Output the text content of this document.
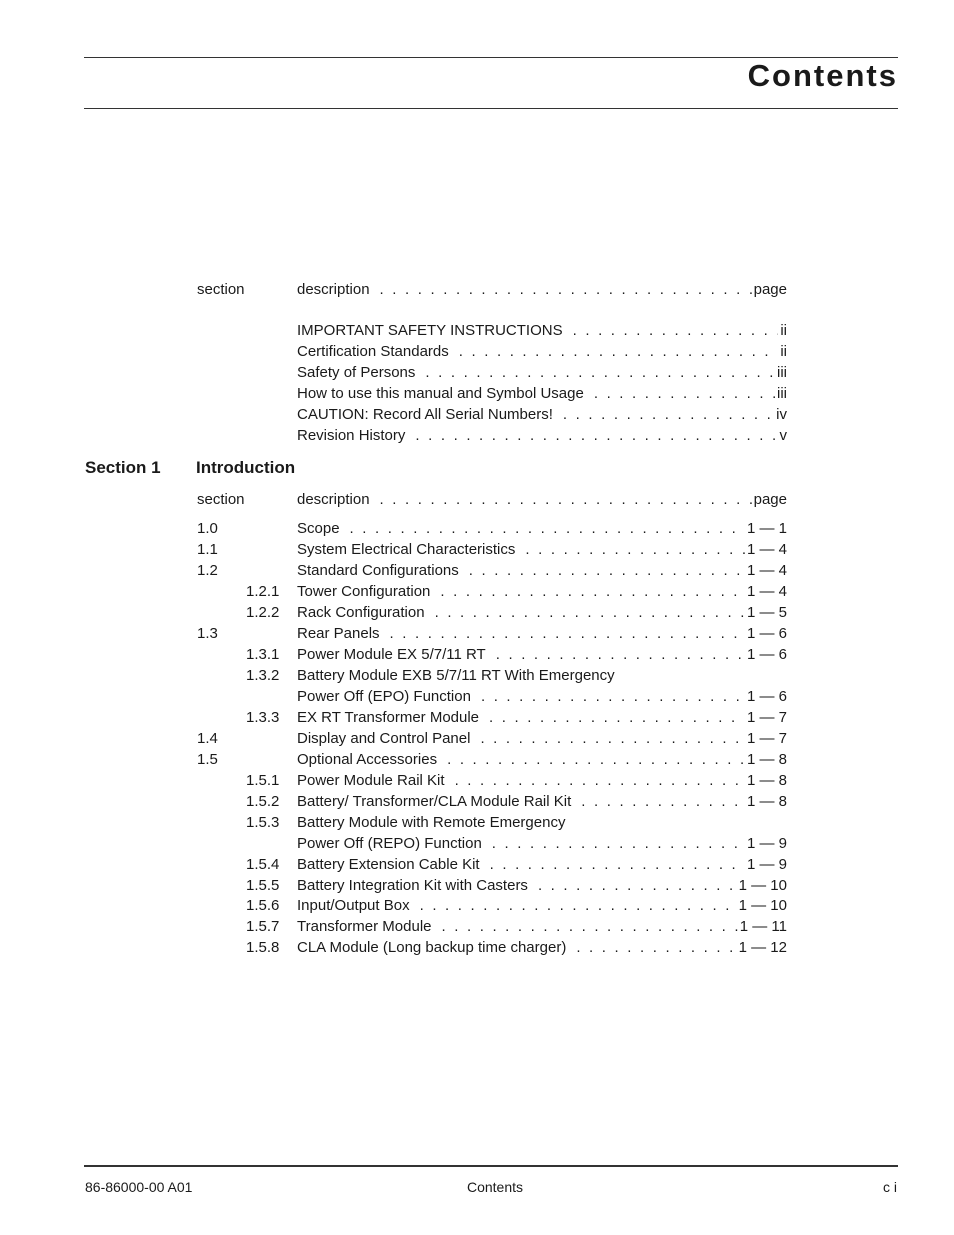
Contents
section	description . . .	page
IMPORTANT SAFETY INSTRUCTIONS . . .	ii
Certification Standards . . .	ii
Safety of Persons . . .	iii
How to use this manual and Symbol Usage . . .	iii
CAUTION: Record All Serial Numbers! . . .	iv
Revision History . . .	v
Section 1 Introduction
section	description . . .	page
1.0	Scope . . .	1 — 1
1.1	System Electrical Characteristics . . .	1 — 4
1.2	Standard Configurations . . .	1 — 4
1.2.1 Tower Configuration . . .	1 — 4
1.2.2 Rack Configuration . . .	1 — 5
1.3	Rear Panels . . .	1 — 6
1.3.1 Power Module EX 5/7/11 RT . . .	1 — 6
1.3.2 Battery Module EXB 5/7/11 RT With Emergency
Power Off (EPO) Function . . .	1 — 6
1.3.3 EX RT Transformer Module . . .	1 — 7
1.4	Display and Control Panel . . .	1 — 7
1.5	Optional Accessories . . .	1 — 8
1.5.1 Power Module Rail Kit . . .	1 — 8
1.5.2 Battery/ Transformer/CLA Module Rail Kit . . .	1 — 8
1.5.3 Battery Module with Remote Emergency
Power Off (REPO) Function . . .	1 — 9
1.5.4 Battery Extension Cable Kit . . .	1 — 9
1.5.5 Battery Integration Kit with Casters . . .	1 — 10
1.5.6 Input/Output Box . . .	1 — 10
1.5.7 Transformer Module . . .	1 — 11
1.5.8 CLA Module (Long backup time charger) . . .	1 — 12
86-86000-00 A01	Contents	c i
